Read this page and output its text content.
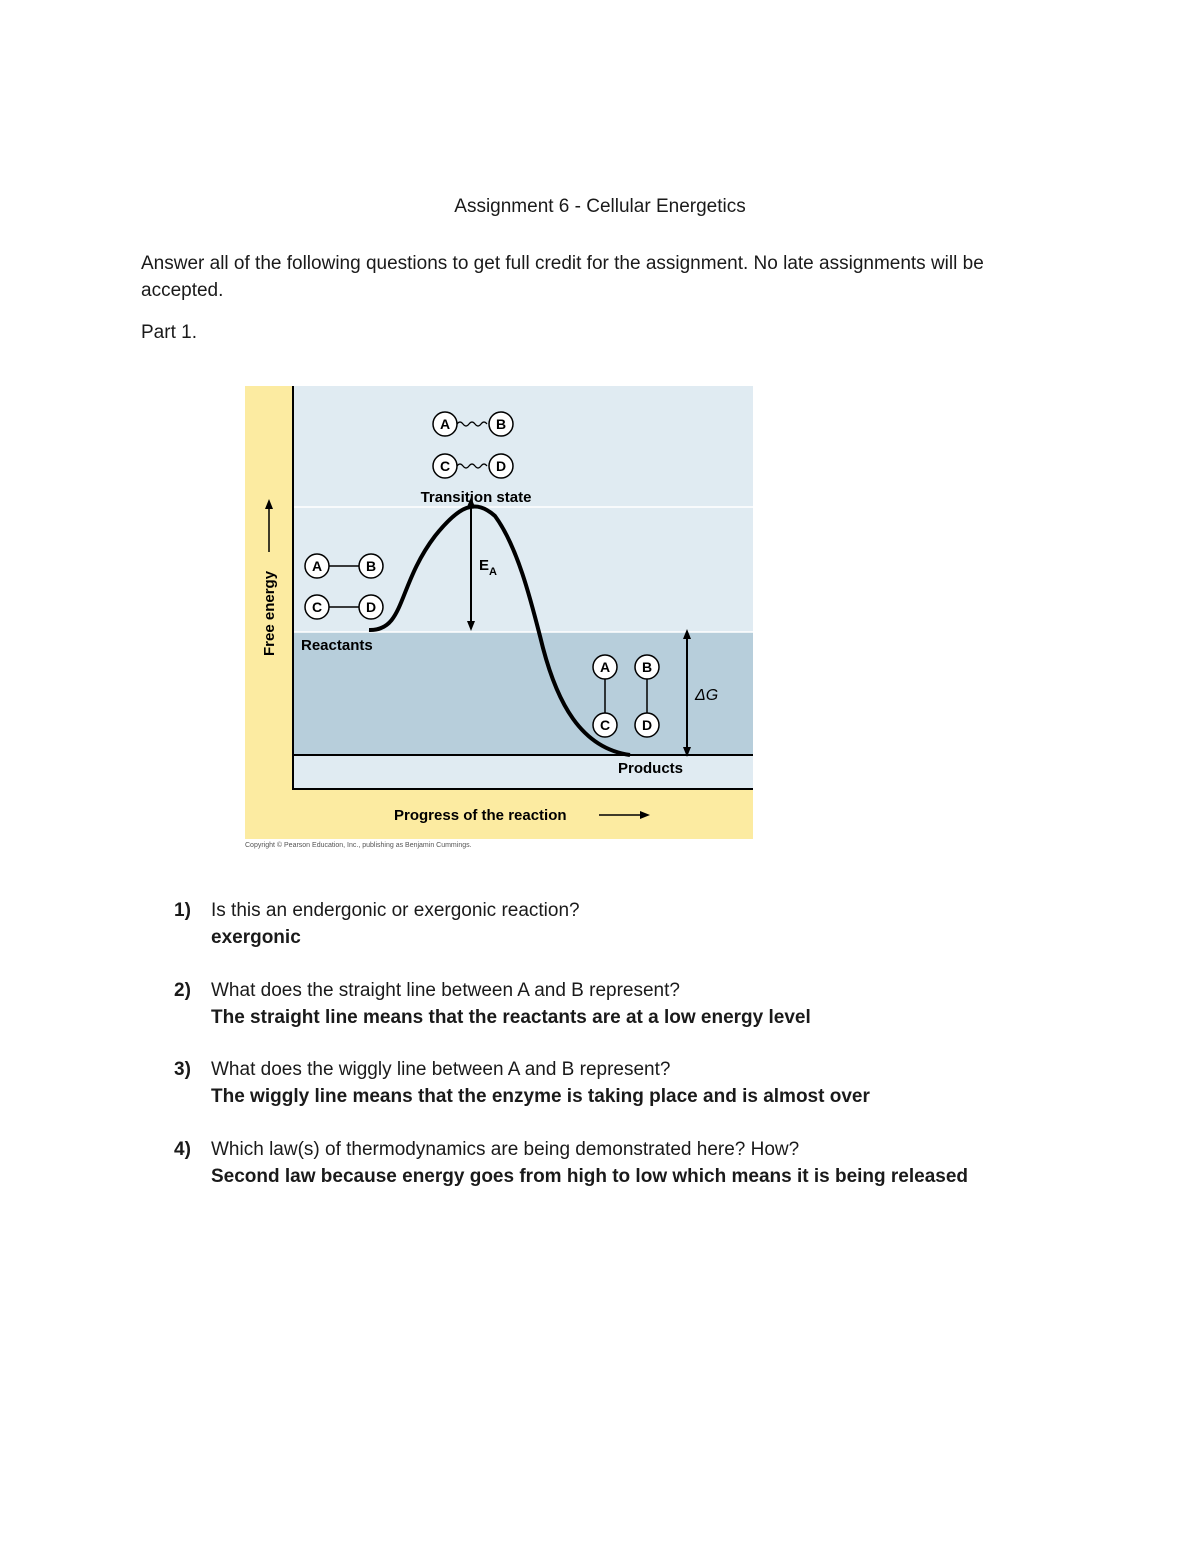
Assignment 6 - Cellular Energetics

Answer all of the following questions to get full credit for the assignment. No late assignments will be accepted.

Part 1.
$E_A$
ΔG
A	B
C	D
Transition state
A	B
C	D
Reactants
A B
C D
Products
Free energy
Progress of the reaction
Copyright © Pearson Education, Inc., publishing as Benjamin Cummings.
1) Is this an endergonic or exergonic reaction?
exergonic
2) What does the straight line between A and B represent?
The straight line means that the reactants are at a low energy level
3) What does the wiggly line between A and B represent?
The wiggly line means that the enzyme is taking place and is almost over
4) Which law(s) of thermodynamics are being demonstrated here? How?
Second law because energy goes from high to low which means it is being released
